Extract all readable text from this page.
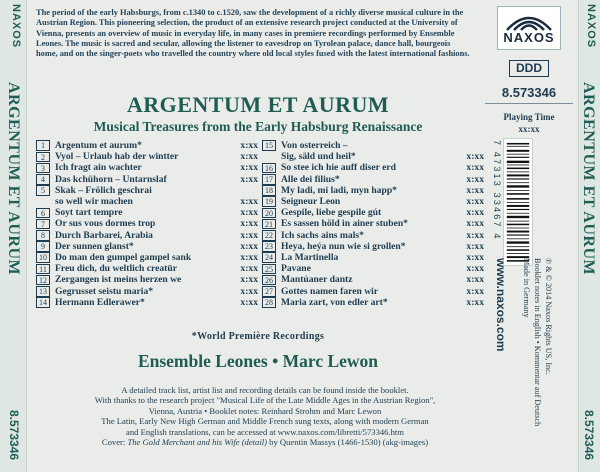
NAXOS
ARGENTUM ET AURUM
8.573346
NAXOS
ARGENTUM ET AURUM
8.573346

The period of the early Habsburgs, from c.1340 to c.1520, saw the development of a richly diverse musical culture in the Austrian Region. This pioneering selection, the product of an extensive research project conducted at the University of Vienna, presents an overview of music in everyday life, in many cases in premiere recordings performed by Ensemble Leones. The music is sacred and secular, allowing the listener to eavesdrop on Tyrolean palace, dance hall, bourgeois home, and on the singer-poets who travelled the country where old local styles fused with the latest international fashions.

NAXOS
DDD
8.573346
Playing Time
xx:xx
7 47313 33467 4
℗ & © 2014 Naxos Rights US, Inc.
Booklet notes in English • Kommentar auf Deutsch
Made in Germany
www.naxos.com
ARGENTUM ET AURUM
Musical Treasures from the Early Habsburg Renaissance
1	Argentum et aurum*	x:xx
2	Vyol – Urlaub hab der wintter	x:xx
3	Ich fragt ain wachter	x:xx
4	Das kchühorn – Untarnslaf	x:xx
5	Skak – Frölich geschrai
so well wir machen	x:xx
6	Soyt tart tempre	x:xx
7	Or sus vous dormes trop	x:xx
8	Durch Barbarei, Arabia	x:xx
9	Der sunnen glanst*	x:xx
10 Do man den gumpel gampel sank	x:xx
11 Freu dich, du weltlich creatūr	x:xx
12 Zergangen ist meins herzen we	x:xx
13 Gegrusset seistu maria*	x:xx
14 Hermann Edlerawer*	x:xx
15 Von osterreich –
Sig, säld und heil*	x:xx
16 So stee ich hie auff diser erd	x:xx
17 Alle dei filius*	x:xx
18 My ladi, mi ladi, myn happ*	x:xx
19 Seigneur Leon	x:xx
20 Gespile, liebe gespile gút	x:xx
21 Es sassen höld in ainer stuben*	x:xx
22 Ich sachs ains mals*	x:xx
23 Heya, heýa nun wie si grollen*	x:xx
24 La Martinella	x:xx
25 Pavane	x:xx
26 Mantúaner dantz	x:xx
27 Gottes namen faren wir	x:xx
28 Maria zart, von edler art*	x:xx
*World Première Recordings
Ensemble Leones • Marc Lewon
A detailed track list, artist list and recording details can be found inside the booklet.
With thanks to the research project "Musical Life of the Late Middle Ages in the Austrian Region",
Vienna, Austria • Booklet notes: Reinhard Strohm and Marc Lewon
The Latin, Early New High German and Middle French sung texts, along with modern German
and English translations, can be accessed at www.naxos.com/libretti/573346.htm
Cover: The Gold Merchant and his Wife (detail) by Quentin Massys (1466-1530) (akg-images)
